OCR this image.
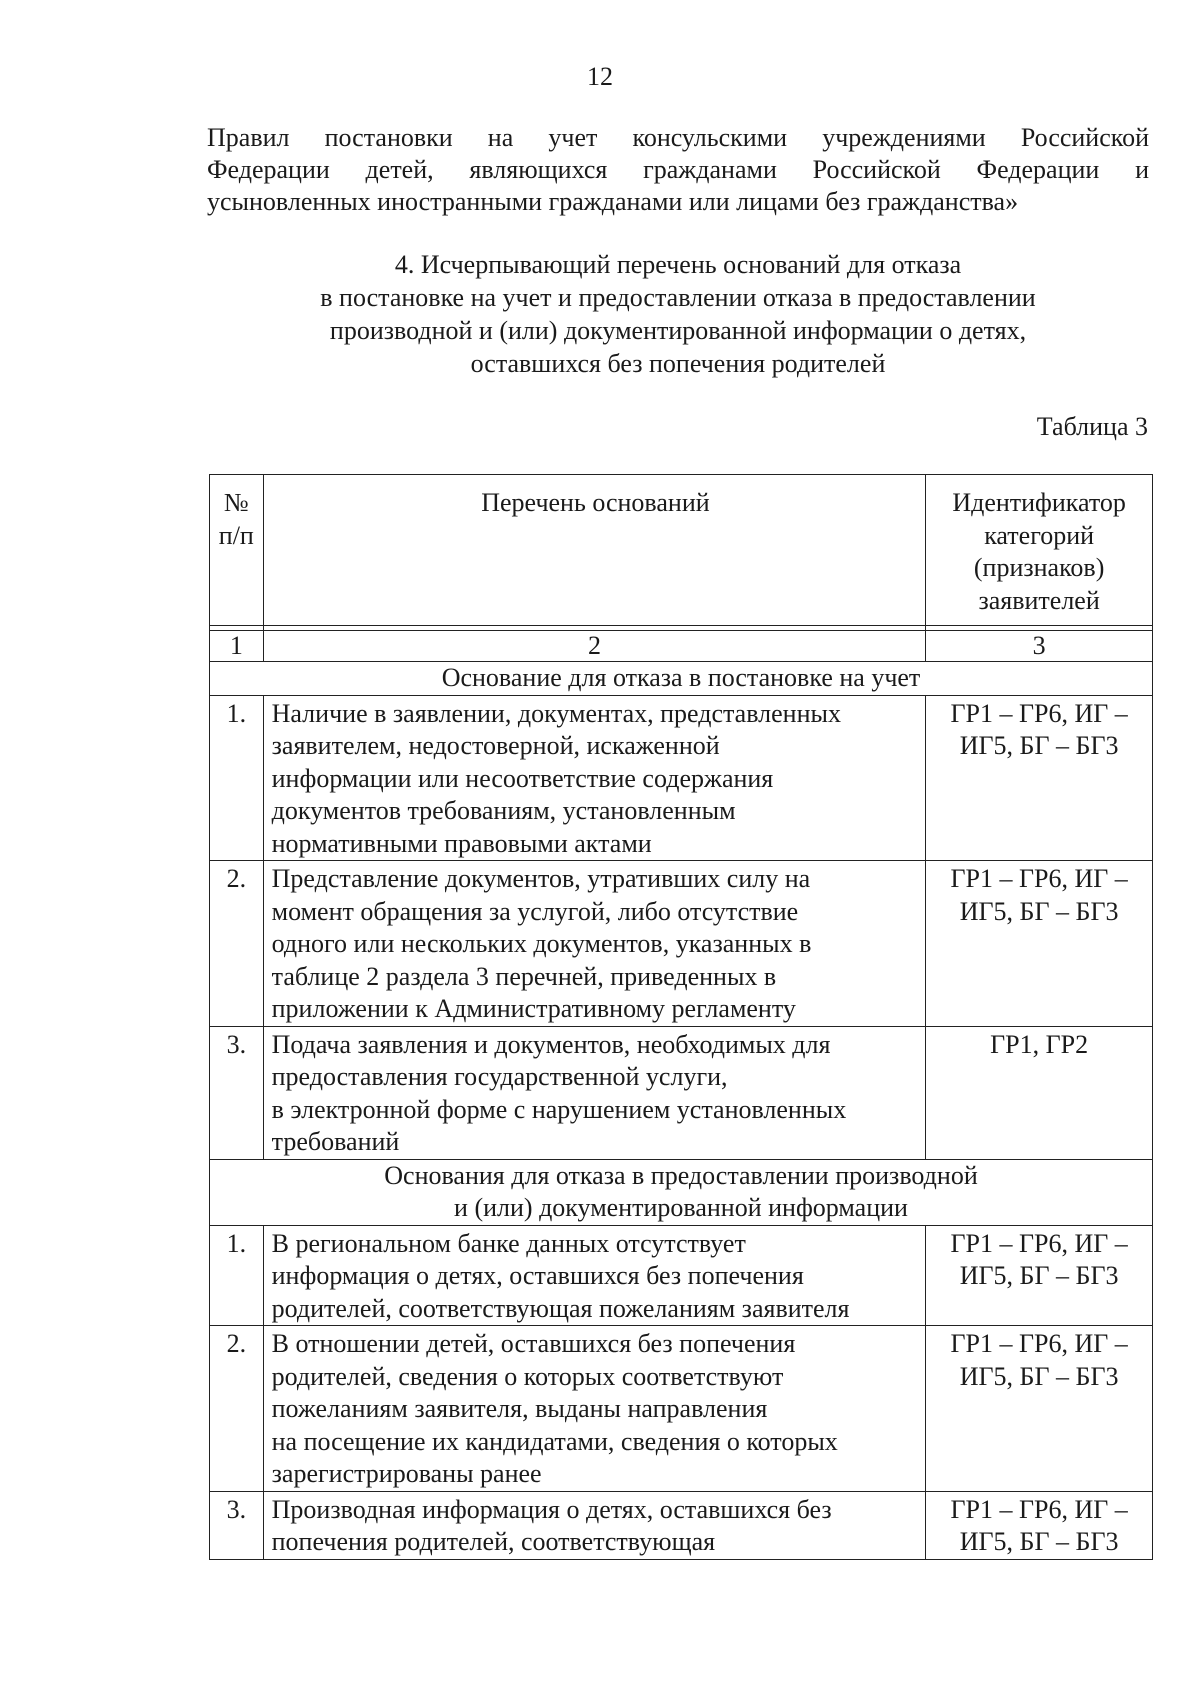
12
Правил постановки на учет консульскими учреждениями Российской
Федерации детей, являющихся гражданами Российской Федерации и
усыновленных иностранными гражданами или лицами без гражданства»
4. Исчерпывающий перечень оснований для отказа
в постановке на учет и предоставлении отказа в предоставлении
производной и (или) документированной информации о детях,
оставшихся без попечения родителей
Таблица 3
№
п/п	Перечень оснований	Идентификатор
категорий
(признаков)
заявителей

1	2	3

Основание для отказа в постановке на учет		

1.	Наличие в заявлении, документах, представленных
заявителем, недостоверной, искаженной
информации или несоответствие содержания
документов требованиям, установленным
нормативными правовыми актами	ГР1 – ГР6, ИГ –
ИГ5, БГ – БГ3

2.	Представление документов, утративших силу на
момент обращения за услугой, либо отсутствие
одного или нескольких документов, указанных в
таблице 2 раздела 3 перечней, приведенных в
приложении к Административному регламенту	ГР1 – ГР6, ИГ –
ИГ5, БГ – БГ3

3.	Подача заявления и документов, необходимых для
предоставления государственной услуги,
в электронной форме с нарушением установленных
требований	ГР1, ГР2

Основания для отказа в предоставлении производной
и (или) документированной информации		

1.	В региональном банке данных отсутствует
информация о детях, оставшихся без попечения
родителей, соответствующая пожеланиям заявителя	ГР1 – ГР6, ИГ –
ИГ5, БГ – БГ3

2.	В отношении детей, оставшихся без попечения
родителей, сведения о которых соответствуют
пожеланиям заявителя, выданы направления
на посещение их кандидатами, сведения о которых
зарегистрированы ранее	ГР1 – ГР6, ИГ –
ИГ5, БГ – БГ3

3.	Производная информация о детях, оставшихся без
попечения родителей, соответствующая	ГР1 – ГР6, ИГ –
ИГ5, БГ – БГ3
